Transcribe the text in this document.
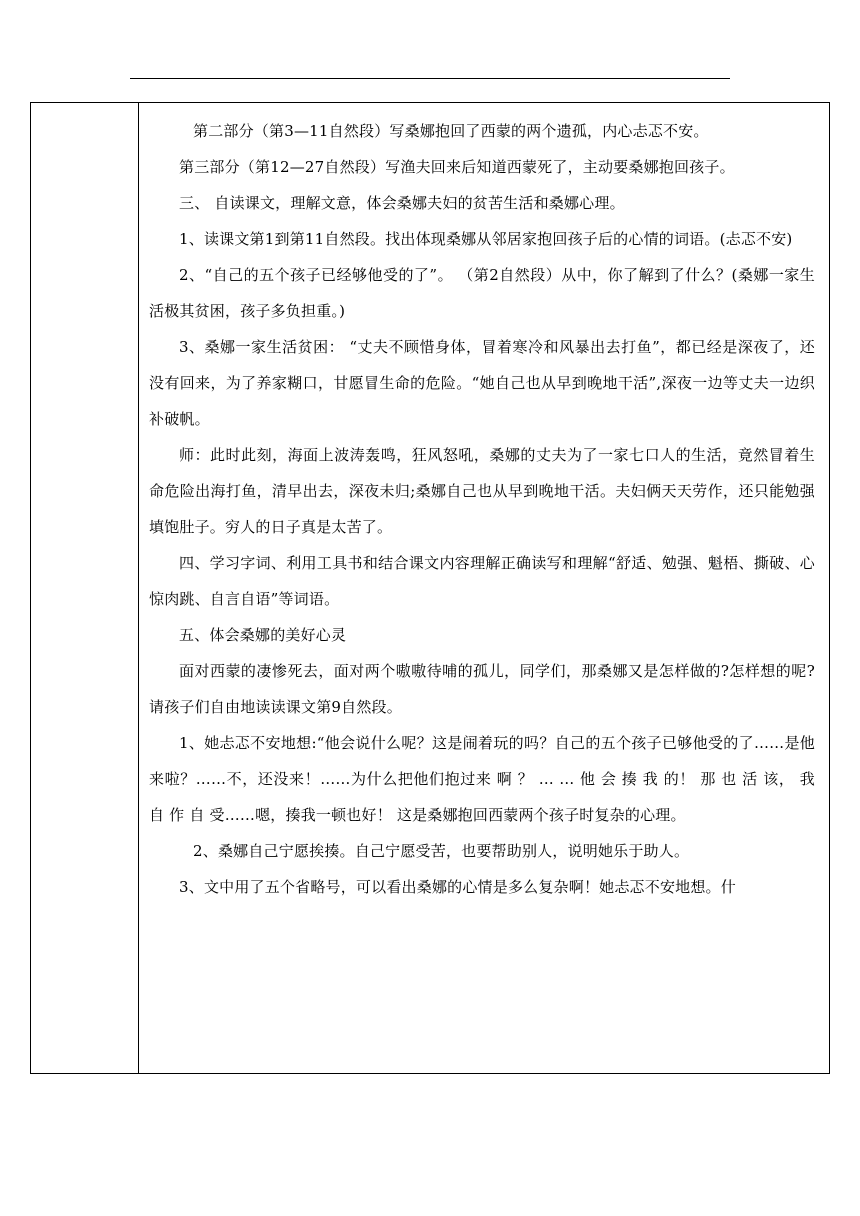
第二部分（第3—11自然段）写桑娜抱回了西蒙的两个遗孤，内心忐忑不安。

第三部分（第12—27自然段）写渔夫回来后知道西蒙死了，主动要桑娜抱回孩子。

三、 自读课文，理解文意，体会桑娜夫妇的贫苦生活和桑娜心理。

1、读课文第1到第11自然段。找出体现桑娜从邻居家抱回孩子后的心情的词语。(忐忑不安)

2、“自己的五个孩子已经够他受的了”。 （第2自然段）从中，你了解到了什么？(桑娜一家生活极其贫困，孩子多负担重。)

3、桑娜一家生活贫困： “丈夫不顾惜身体，冒着寒冷和风暴出去打鱼”，都已经是深夜了，还没有回来，为了养家糊口，甘愿冒生命的危险。“她自己也从早到晚地干活”,深夜一边等丈夫一边织补破帆。

师：此时此刻，海面上波涛轰鸣，狂风怒吼，桑娜的丈夫为了一家七口人的生活，竟然冒着生命危险出海打鱼，清早出去，深夜未归;桑娜自己也从早到晚地干活。夫妇俩天天劳作，还只能勉强填饱肚子。穷人的日子真是太苦了。

四、学习字词、利用工具书和结合课文内容理解正确读写和理解“舒适、勉强、魁梧、撕破、心惊肉跳、自言自语”等词语。

五、体会桑娜的美好心灵

面对西蒙的凄惨死去，面对两个嗷嗷待哺的孤儿，同学们，那桑娜又是怎样做的?怎样想的呢?请孩子们自由地读读课文第9自然段。

1、她忐忑不安地想:“他会说什么呢？这是闹着玩的吗？自己的五个孩子已够他受的了……是他来啦？……不，还没来！……为什么把他们抱过来 啊 ？ … … 他 会 揍 我 的！ 那 也 活 该， 我 自 作 自 受……嗯，揍我一顿也好！ 这是桑娜抱回西蒙两个孩子时复杂的心理。

2、桑娜自己宁愿挨揍。自己宁愿受苦，也要帮助别人，说明她乐于助人。

3、文中用了五个省略号，可以看出桑娜的心情是多么复杂啊！她忐忑不安地想。什
